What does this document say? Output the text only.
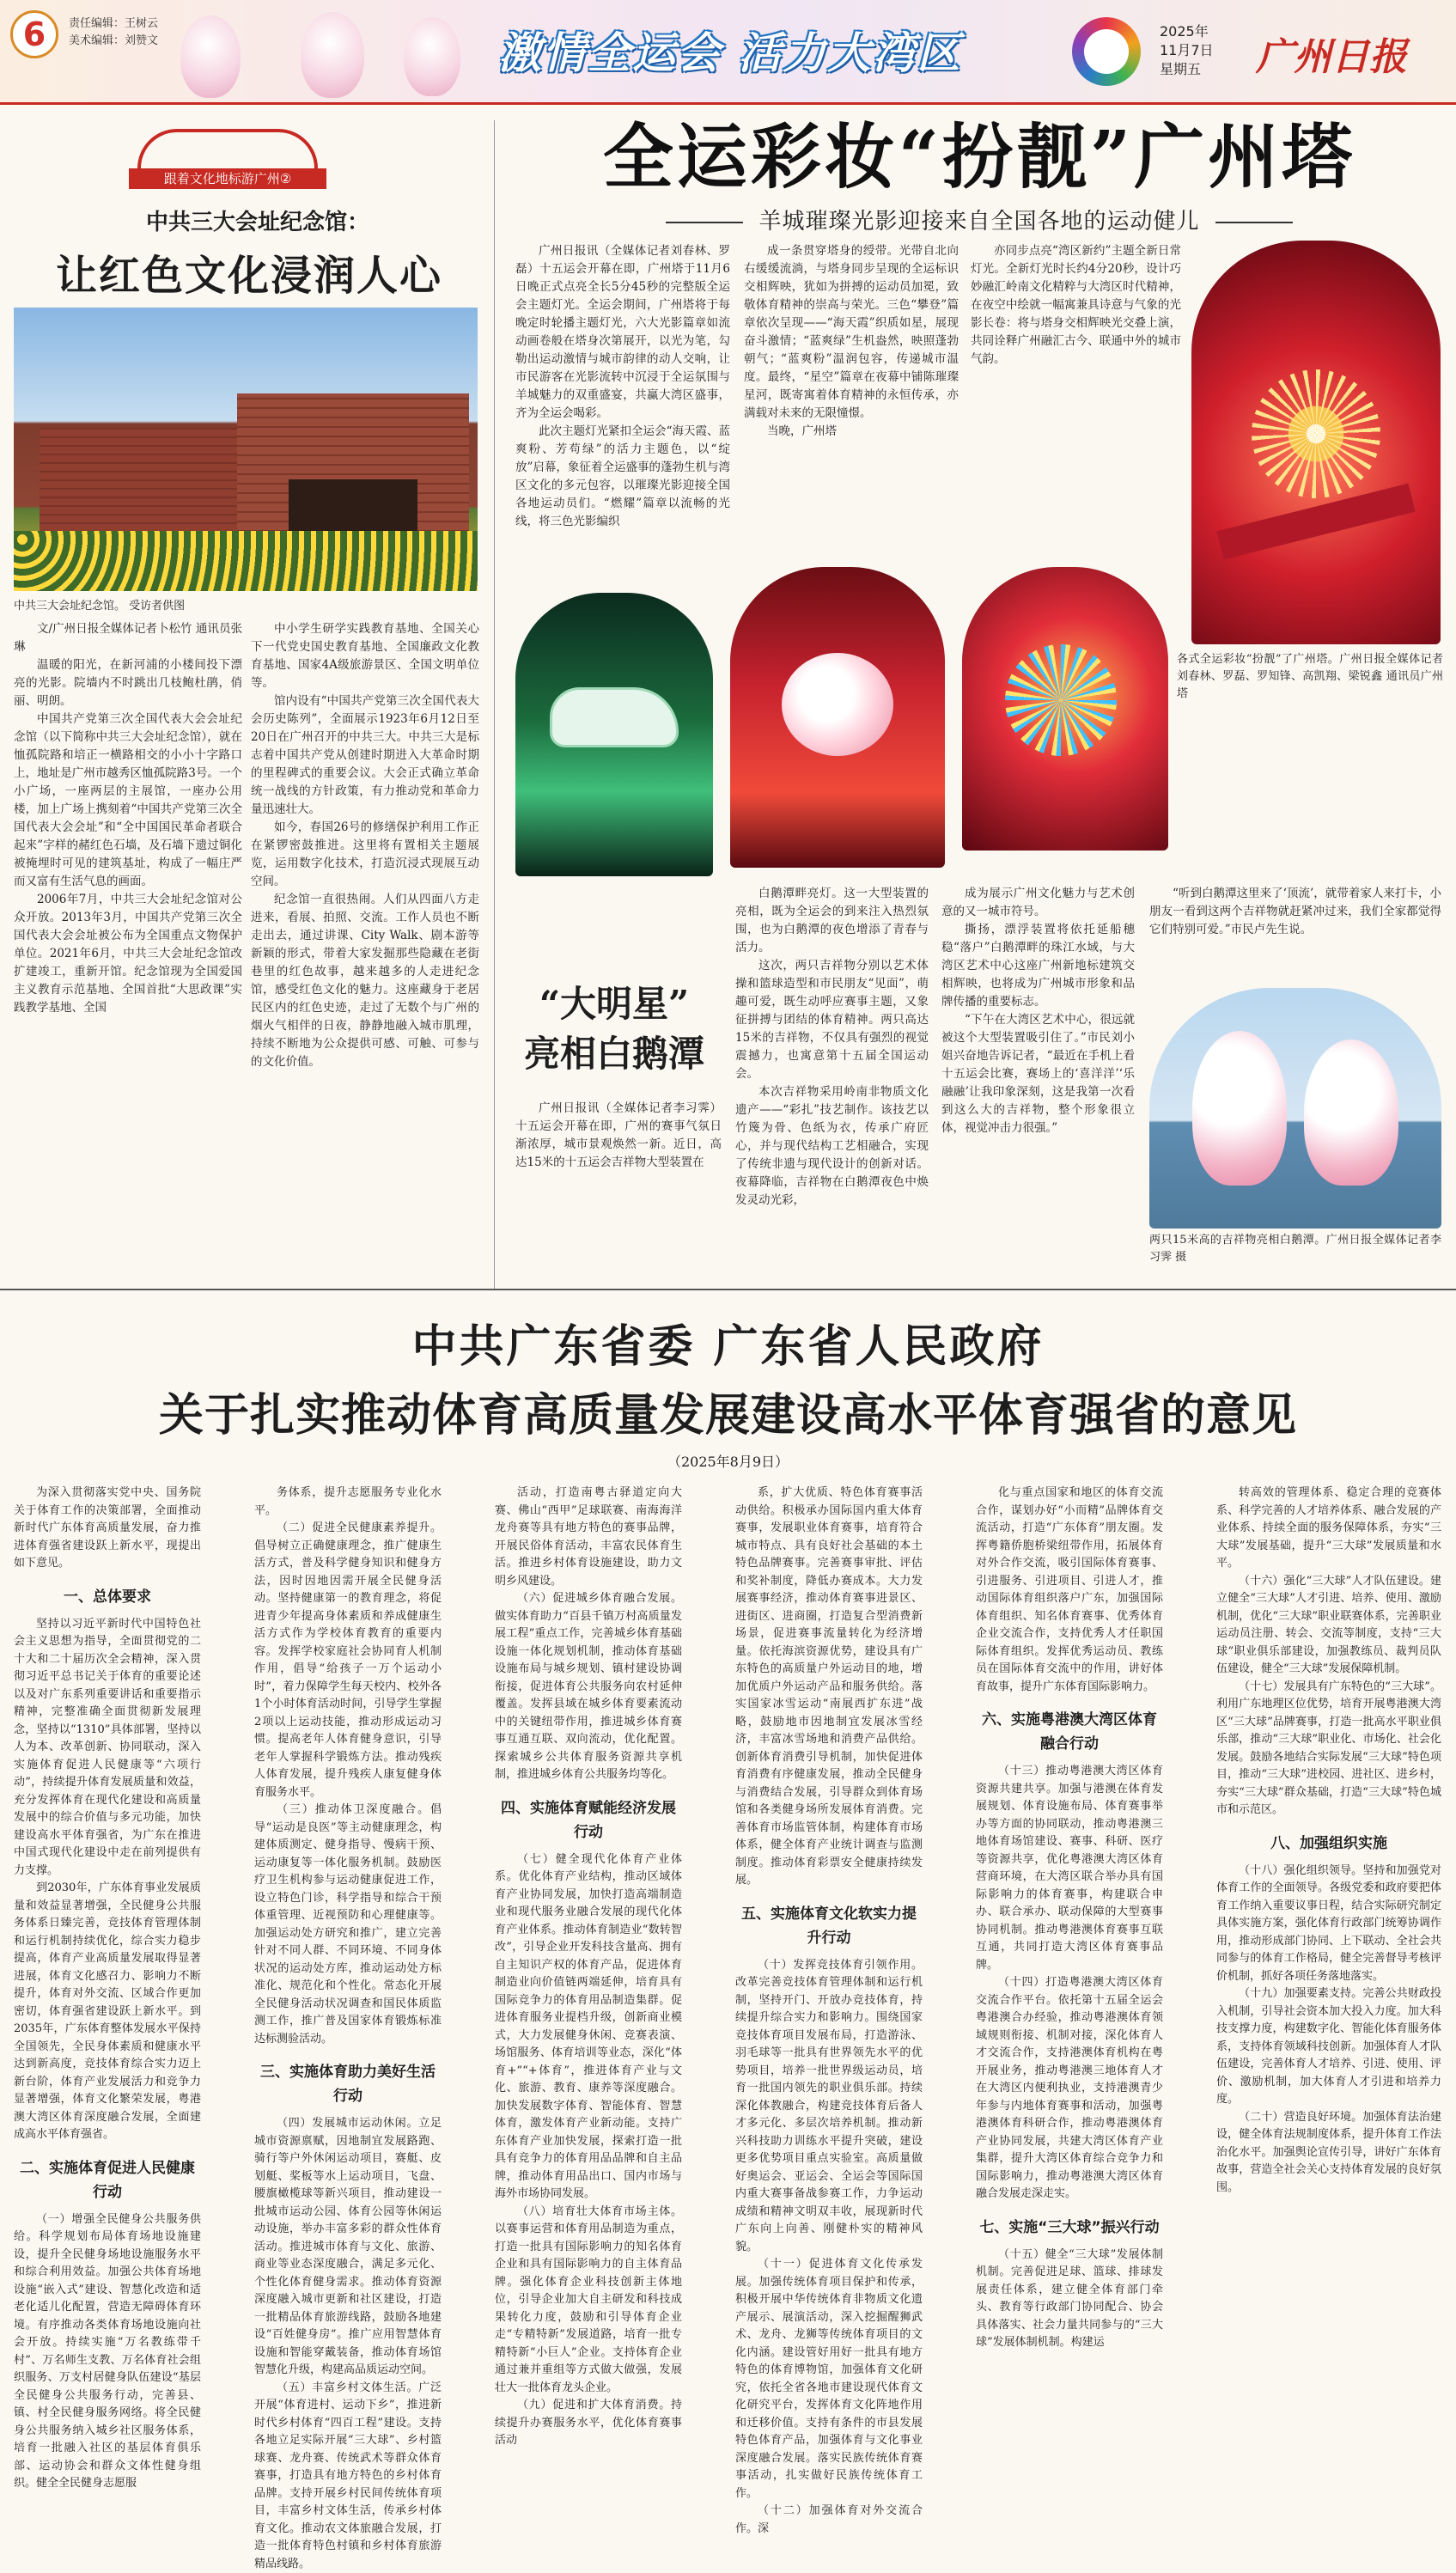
6	责任编辑：王树云
美术编辑：刘赞文	激情全运会 活力大湾区	2025年
11月7日
星期五	广州日报
跟着文化地标游广州②
中共三大会址纪念馆：
让红色文化浸润人心
中共三大会址纪念馆。 受访者供图

文/广州日报全媒体记者卜松竹 通讯员张琳

温暖的阳光，在新河浦的小楼间投下漂亮的光影。院墙内不时跳出几枝鲍杜鹃，俏丽、明朗。

中国共产党第三次全国代表大会会址纪念馆（以下简称中共三大会址纪念馆），就在恤孤院路和培正一横路相交的小小十字路口上，地址是广州市越秀区恤孤院路3号。一个小广场，一座两层的主展馆，一座办公用楼，加上广场上携刻着“中国共产党第三次全国代表大会会址”和“全中国国民革命者联合起来”字样的赭红色石墙，及石墙下遗过铜化被掩埋时可见的建筑基址，构成了一幅庄严而又富有生活气息的画面。

2006年7月，中共三大会址纪念馆对公众开放。2013年3月，中国共产党第三次全国代表大会会址被公布为全国重点文物保护单位。2021年6月，中共三大会址纪念馆改扩建竣工，重新开馆。纪念馆现为全国爱国主义教育示范基地、全国首批“大思政课”实践教学基地、全国

中小学生研学实践教育基地、全国关心下一代党史国史教育基地、全国廉政文化教育基地、国家4A级旅游景区、全国文明单位等。

馆内设有“中国共产党第三次全国代表大会历史陈列”，全面展示1923年6月12日至20日在广州召开的中共三大。中共三大是标志着中国共产党从创建时期进入大革命时期的里程碑式的重要会议。大会正式确立革命统一战线的方针政策，有力推动党和革命力量迅速壮大。

如今，春国26号的修缮保护利用工作正在紧锣密鼓推进。这里将有置相关主题展览，运用数字化技术，打造沉浸式现展互动空间。

纪念馆一直很热闹。人们从四面八方走进来，看展、拍照、交流。工作人员也不断走出去，通过讲课、City Walk、剧本游等新颖的形式，带着大家发掘那些隐藏在老街巷里的红色故事，越来越多的人走进纪念馆，感受红色文化的魅力。这座藏身于老居民区内的红色史迹，走过了无数个与广州的烟火气相伴的日夜，静静地融入城市肌理，持续不断地为公众提供可感、可触、可参与的文化价值。

全运彩妆“扮靓”广州塔
羊城璀璨光影迎接来自全国各地的运动健儿

广州日报讯（全媒体记者刘春林、罗磊）十五运会开幕在即，广州塔于11月6日晚正式点亮全长5分45秒的完整版全运会主题灯光。全运会期间，广州塔将于每晚定时轮播主题灯光，六大光影篇章如流动画卷般在塔身次第展开，以光为笔，勾勒出运动激情与城市韵律的动人交响，让市民游客在光影流转中沉浸于全运氛围与羊城魅力的双重盛宴，共赢大湾区盛事，齐为全运会喝彩。

此次主题灯光紧扣全运会“海天霞、蓝爽粉、芳苟绿”的活力主题色，以“绽放”启幕，象征着全运盛事的蓬勃生机与湾区文化的多元包容，以璀璨光影迎接全国各地运动员们。“燃耀”篇章以流畅的光线，将三色光影编织

成一条贯穿塔身的绶带。光带自北向右缓缓流淌，与塔身同步呈现的全运标识交相辉映，犹如为拼搏的运动员加冕，致敬体育精神的崇高与荣光。三色“攀登”篇章依次呈现——“海天霞”织质如星，展现奋斗激情；“蓝爽绿”生机盎然，映照蓬勃朝气；“蓝爽粉”温润包容，传递城市温度。最终，“星空”篇章在夜幕中铺陈璀璨星河，既寄寓着体育精神的永恒传承，亦满载对未来的无限憧憬。

当晚，广州塔

亦同步点亮“湾区新约”主题全新日常灯光。全新灯光时长约4分20秒，设计巧妙融汇岭南文化精粹与大湾区时代精神，在夜空中绘就一幅寓兼具诗意与气象的光影长卷：将与塔身交相辉映光交叠上演，共同诠释广州融汇古今、联通中外的城市气韵。

各式全运彩妆“扮靓”了广州塔。广州日报全媒体记者刘春林、罗磊、罗知锋、高凯翔、梁锐鑫 通讯员广州塔

“大明星”
亮相白鹅潭

广州日报讯（全媒体记者李习霁）十五运会开幕在即，广州的赛事气氛日渐浓厚，城市景观焕然一新。近日，高达15米的十五运会吉祥物大型装置在

白鹅潭畔亮灯。这一大型装置的亮相，既为全运会的到来注入热烈氛围，也为白鹅潭的夜色增添了青春与活力。

这次，两只吉祥物分别以艺术体操和篮球造型和市民朋友“见面”，萌趣可爱，既生动呼应赛事主题，又象征拼搏与团结的体育精神。两只高达15米的吉祥物，不仅具有强烈的视觉震撼力，也寓意第十五届全国运动会。

本次吉祥物采用岭南非物质文化遗产——“彩扎”技艺制作。该技艺以竹篾为骨、色纸为衣，传承广府匠心，并与现代结构工艺相融合，实现了传统非遗与现代设计的创新对话。夜幕降临，吉祥物在白鹅潭夜色中焕发灵动光彩，

成为展示广州文化魅力与艺术创意的又一城市符号。

撕扬，漂浮装置将依托延船穗稳“落户”白鹅潭畔的珠江水域，与大湾区艺术中心这座广州新地标建筑交相辉映，也将成为广州城市形象和品牌传播的重要标志。

“下午在大湾区艺术中心，很远就被这个大型装置吸引住了。”市民刘小姐兴奋地告诉记者，“最近在手机上看十五运会比赛，赛场上的‘喜洋洋’‘乐融融’让我印象深刻，这是我第一次看到这么大的吉祥物，整个形象很立体，视觉冲击力很强。”

“听到白鹅潭这里来了‘顶流’，就带着家人来打卡，小朋友一看到这两个吉祥物就赶紧冲过来，我们全家都觉得它们特别可爱。”市民卢先生说。

两只15米高的吉祥物亮相白鹅潭。广州日报全媒体记者李习霁 摄

中共广东省委 广东省人民政府
关于扎实推动体育高质量发展建设高水平体育强省的意见
（2025年8月9日）

为深入贯彻落实党中央、国务院关于体育工作的决策部署，全面推动新时代广东体育高质量发展，奋力推进体育强省建设跃上新水平，现提出如下意见。

一、总体要求

坚持以习近平新时代中国特色社会主义思想为指导，全面贯彻党的二十大和二十届历次全会精神，深入贯彻习近平总书记关于体育的重要论述以及对广东系列重要讲话和重要指示精神，完整准确全面贯彻新发展理念，坚持以“1310”具体部署，坚持以人为本、改革创新、协同联动，深入实施体育促进人民健康等“六项行动”，持续提升体育发展质量和效益，充分发挥体育在现代化建设和高质量发展中的综合价值与多元功能，加快建设高水平体育强省，为广东在推进中国式现代化建设中走在前列提供有力支撑。

到2030年，广东体育事业发展质量和效益显著增强，全民健身公共服务体系日臻完善，竞技体育管理体制和运行机制持续优化，综合实力稳步提高，体育产业高质量发展取得显著进展，体育文化感召力、影响力不断提升，体育对外交流、区域合作更加密切，体育强省建设跃上新水平。到2035年，广东体育整体发展水平保持全国领先，全民身体素质和健康水平达到新高度，竞技体育综合实力迈上新台阶，体育产业发展活力和竞争力显著增强，体育文化繁荣发展，粤港澳大湾区体育深度融合发展，全面建成高水平体育强省。

二、实施体育促进人民健康行动

（一）增强全民健身公共服务供给。科学规划布局体育场地设施建设，提升全民健身场地设施服务水平和综合利用效益。加强公共体育场地设施“嵌入式”建设、智慧化改造和适老化适儿化配置，营造无障碍体育环境。有序推动各类体育场地设施向社会开放。持续实施“万名教练带千村”、万名师生支教、万名体育社会组织服务、万支村居健身队伍建设“基层全民健身公共服务行动，完善县、镇、村全民健身服务网络。将全民健身公共服务纳入城乡社区服务体系，培育一批融入社区的基层体育俱乐部、运动协会和群众文体性健身组织。健全全民健身志愿服

务体系，提升志愿服务专业化水平。

（二）促进全民健康素养提升。倡导树立正确健康理念，推广健康生活方式，普及科学健身知识和健身方法，因时因地因需开展全民健身活动。坚持健康第一的教育理念，将促进青少年提高身体素质和养成健康生活方式作为学校体育教育的重要内容。发挥学校家庭社会协同育人机制作用，倡导“给孩子一万个运动小时”，着力保障学生每天校内、校外各1个小时体育活动时间，引导学生掌握2项以上运动技能，推动形成运动习惯。提高老年人体育健身意识，引导老年人掌握科学锻炼方法。推动残疾人体育发展，提升残疾人康复健身体育服务水平。

（三）推动体卫深度融合。倡导“运动是良医”等主动健康理念，构建体质测定、健身指导、慢病干预、运动康复等一体化服务机制。鼓励医疗卫生机构参与运动健康促进工作，设立特色门诊，科学指导和综合干预体重管理、近视预防和心理健康等。加强运动处方研究和推广，建立完善针对不同人群、不同环境、不同身体状况的运动处方库，推动运动处方标准化、规范化和个性化。常态化开展全民健身活动状况调查和国民体质监测工作，推广普及国家体育锻炼标准达标测验活动。

三、实施体育助力美好生活行动

（四）发展城市运动休闲。立足城市资源禀赋，因地制宜发展路跑、骑行等户外休闲运动项目，赛艇、皮划艇、桨板等水上运动项目，飞盘、腰旗橄榄球等新兴项目，推动建设一批城市运动公园、体育公园等休闲运动设施，举办丰富多彩的群众性体育活动。推进城市体育与文化、旅游、商业等业态深度融合，满足多元化、个性化体育健身需求。推动体育资源深度融入城市更新和社区建设，打造一批精品体育旅游线路，鼓励各地建设“百姓健身房”。推广应用智慧体育设施和智能穿戴装备，推动体育场馆智慧化升级，构建高品质运动空间。

（五）丰富乡村文体生活。广泛开展“体育进村、运动下乡”，推进新时代乡村体育“四百工程”建设。支持各地立足实际开展“三大球”、乡村篮球赛、龙舟赛、传统武术等群众体育赛事，打造具有地方特色的乡村体育品牌。支持开展乡村民间传统体育项目，丰富乡村文体生活，传承乡村体育文化。推动农文体旅融合发展，打造一批体育特色村镇和乡村体育旅游精品线路。

活动，打造南粤古驿道定向大赛、佛山“西甲”足球联赛、南海海洋龙舟赛等具有地方特色的赛事品牌，开展民俗体育活动，丰富农民体育生活。推进乡村体育设施建设，助力文明乡风建设。

（六）促进城乡体育融合发展。做实体育助力“百县千镇万村高质量发展工程”重点工作，完善城乡体育基础设施一体化规划机制，推动体育基础设施布局与城乡规划、镇村建设协调衔接，促进体育公共服务向农村延伸覆盖。发挥县域在城乡体育要素流动中的关键纽带作用，推进城乡体育赛事互通互联、双向流动，优化配置。探索城乡公共体育服务资源共享机制，推进城乡体育公共服务均等化。

四、实施体育赋能经济发展行动

（七）健全现代化体育产业体系。优化体育产业结构，推动区域体育产业协同发展，加快打造高端制造业和现代服务业融合发展的现代化体育产业体系。推动体育制造业“数转智改”，引导企业开发科技含量高、拥有自主知识产权的体育产品，促进体育制造业向价值链两端延伸，培育具有国际竞争力的体育用品制造集群。促进体育服务业提档升级，创新商业模式，大力发展健身休闲、竞赛表演、场馆服务、体育培训等业态，深化“体育+”“+体育”，推进体育产业与文化、旅游、教育、康养等深度融合。加快发展数字体育、智能体育、智慧体育，激发体育产业新动能。支持广东体育产业加快发展，探索打造一批具有竞争力的体育用品品牌和自主品牌，推动体育用品出口、国内市场与海外市场协同发展。

（八）培育壮大体育市场主体。以赛事运营和体育用品制造为重点，打造一批具有国际影响力的知名体育企业和具有国际影响力的自主体育品牌。强化体育企业科技创新主体地位，引导企业加大自主研发和科技成果转化力度，鼓励和引导体育企业走“专精特新”发展道路，培育一批专精特新“小巨人”企业。支持体育企业通过兼并重组等方式做大做强，发展壮大一批体育龙头企业。

（九）促进和扩大体育消费。持续提升办赛服务水平，优化体育赛事活动

系，扩大优质、特色体育赛事活动供给。积极承办国际国内重大体育赛事，发展职业体育赛事，培育符合城市特点、具有良好社会基础的本土特色品牌赛事。完善赛事审批、评估和奖补制度，降低办赛成本。大力发展赛事经济，推动体育赛事进景区、进街区、进商圈，打造复合型消费新场景，促进赛事流量转化为经济增量。依托海滨资源优势，建设具有广东特色的高质量户外运动目的地，增加优质户外运动产品和服务供给。落实国家冰雪运动“南展西扩东进”战略，鼓励地市因地制宜发展冰雪经济，丰富冰雪场地和消费产品供给。创新体育消费引导机制，加快促进体育消费有序健康发展，推动全民健身与消费结合发展，引导群众到体育场馆和各类健身场所发展体育消费。完善体育市场监管体制，构建体育市场体系，健全体育产业统计调查与监测制度。推动体育彩票安全健康持续发展。

五、实施体育文化软实力提升行动

（十）发挥竞技体育引领作用。改革完善竞技体育管理体制和运行机制，坚持开门、开放办竞技体育，持续提升综合实力和影响力。围绕国家竞技体育项目发展布局，打造游泳、羽毛球等一批具有世界领先水平的优势项目，培养一批世界级运动员，培育一批国内领先的职业俱乐部。持续深化体教融合，构建竞技体育后备人才多元化、多层次培养机制。推动新兴科技助力训练水平提升突破，建设更多优势项目重点实验室。高质量做好奥运会、亚运会、全运会等国际国内重大赛事备战参赛工作，力争运动成绩和精神文明双丰收，展现新时代广东向上向善、刚健朴实的精神风貌。

（十一）促进体育文化传承发展。加强传统体育项目保护和传承，积极开展中华传统体育非物质文化遗产展示、展演活动，深入挖掘醒狮武术、龙舟、龙狮等传统体育项目的文化内涵。建设管好用好一批具有地方特色的体育博物馆，加强体育文化研究，依托全省各地市建设现代体育文化研究平台，发挥体育文化阵地作用和迁移价值。支持有条件的市县发展特色体育产品，加强体育与文化事业深度融合发展。落实民族传统体育赛事活动，扎实做好民族传统体育工作。

（十二）加强体育对外交流合作。深

化与重点国家和地区的体育交流合作，谋划办好“小而精”品牌体育交流活动，打造“广东体育”朋友圈。发挥粤籍侨胞桥梁纽带作用，拓展体育对外合作交流，吸引国际体育赛事、引进服务、引进项目、引进人才，推动国际体育组织落户广东，加强国际体育组织、知名体育赛事、优秀体育企业交流合作，支持优秀人才任职国际体育组织。发挥优秀运动员、教练员在国际体育交流中的作用，讲好体育故事，提升广东体育国际影响力。

六、实施粤港澳大湾区体育融合行动

（十三）推动粤港澳大湾区体育资源共建共享。加强与港澳在体育发展规划、体育设施布局、体育赛事举办等方面的协同联动，推动粤港澳三地体育场馆建设、赛事、科研、医疗等资源共享，优化粤港澳大湾区体育营商环境，在大湾区联合举办具有国际影响力的体育赛事，构建联合申办、联合承办、联动保障的大型赛事协同机制。推动粤港澳体育赛事互联互通，共同打造大湾区体育赛事品牌。

（十四）打造粤港澳大湾区体育交流合作平台。依托第十五届全运会粤港澳合办经验，推动粤港澳体育领域规则衔接、机制对接，深化体育人才交流合作，支持港澳体育机构在粤开展业务，推动粤港澳三地体育人才在大湾区内便利执业，支持港澳青少年参与内地体育赛事和活动，加强粤港澳体育科研合作，推动粤港澳体育产业协同发展，共建大湾区体育产业集群，提升大湾区体育综合竞争力和国际影响力，推动粤港澳大湾区体育融合发展走深走实。

七、实施“三大球”振兴行动

（十五）健全“三大球”发展体制机制。完善促进足球、篮球、排球发展责任体系，建立健全体育部门牵头、教育等行政部门协同配合、协会具体落实、社会力量共同参与的“三大球”发展体制机制。构建运

转高效的管理体系、稳定合理的竞赛体系、科学完善的人才培养体系、融合发展的产业体系、持续全面的服务保障体系，夯实“三大球”发展基础，提升“三大球”发展质量和水平。

（十六）强化“三大球”人才队伍建设。建立健全“三大球”人才引进、培养、使用、激励机制，优化“三大球”职业联赛体系，完善职业运动员注册、转会、交流等制度，支持“三大球”职业俱乐部建设，加强教练员、裁判员队伍建设，健全“三大球”发展保障机制。

（十七）发展具有广东特色的“三大球”。利用广东地理区位优势，培育开展粤港澳大湾区“三大球”品牌赛事，打造一批高水平职业俱乐部，推动“三大球”职业化、市场化、社会化发展。鼓励各地结合实际发展“三大球”特色项目，推动“三大球”进校园、进社区、进乡村，夯实“三大球”群众基础，打造“三大球”特色城市和示范区。

八、加强组织实施

（十八）强化组织领导。坚持和加强党对体育工作的全面领导。各级党委和政府要把体育工作纳入重要议事日程，结合实际研究制定具体实施方案，强化体育行政部门统筹协调作用，推动形成部门协同、上下联动、全社会共同参与的体育工作格局，健全完善督导考核评价机制，抓好各项任务落地落实。

（十九）加强要素支持。完善公共财政投入机制，引导社会资本加大投入力度。加大科技支撑力度，构建数字化、智能化体育服务体系，支持体育领域科技创新。加强体育人才队伍建设，完善体育人才培养、引进、使用、评价、激励机制，加大体育人才引进和培养力度。

（二十）营造良好环境。加强体育法治建设，健全体育法规制度体系，提升体育工作法治化水平。加强舆论宣传引导，讲好广东体育故事，营造全社会关心支持体育发展的良好氛围。
